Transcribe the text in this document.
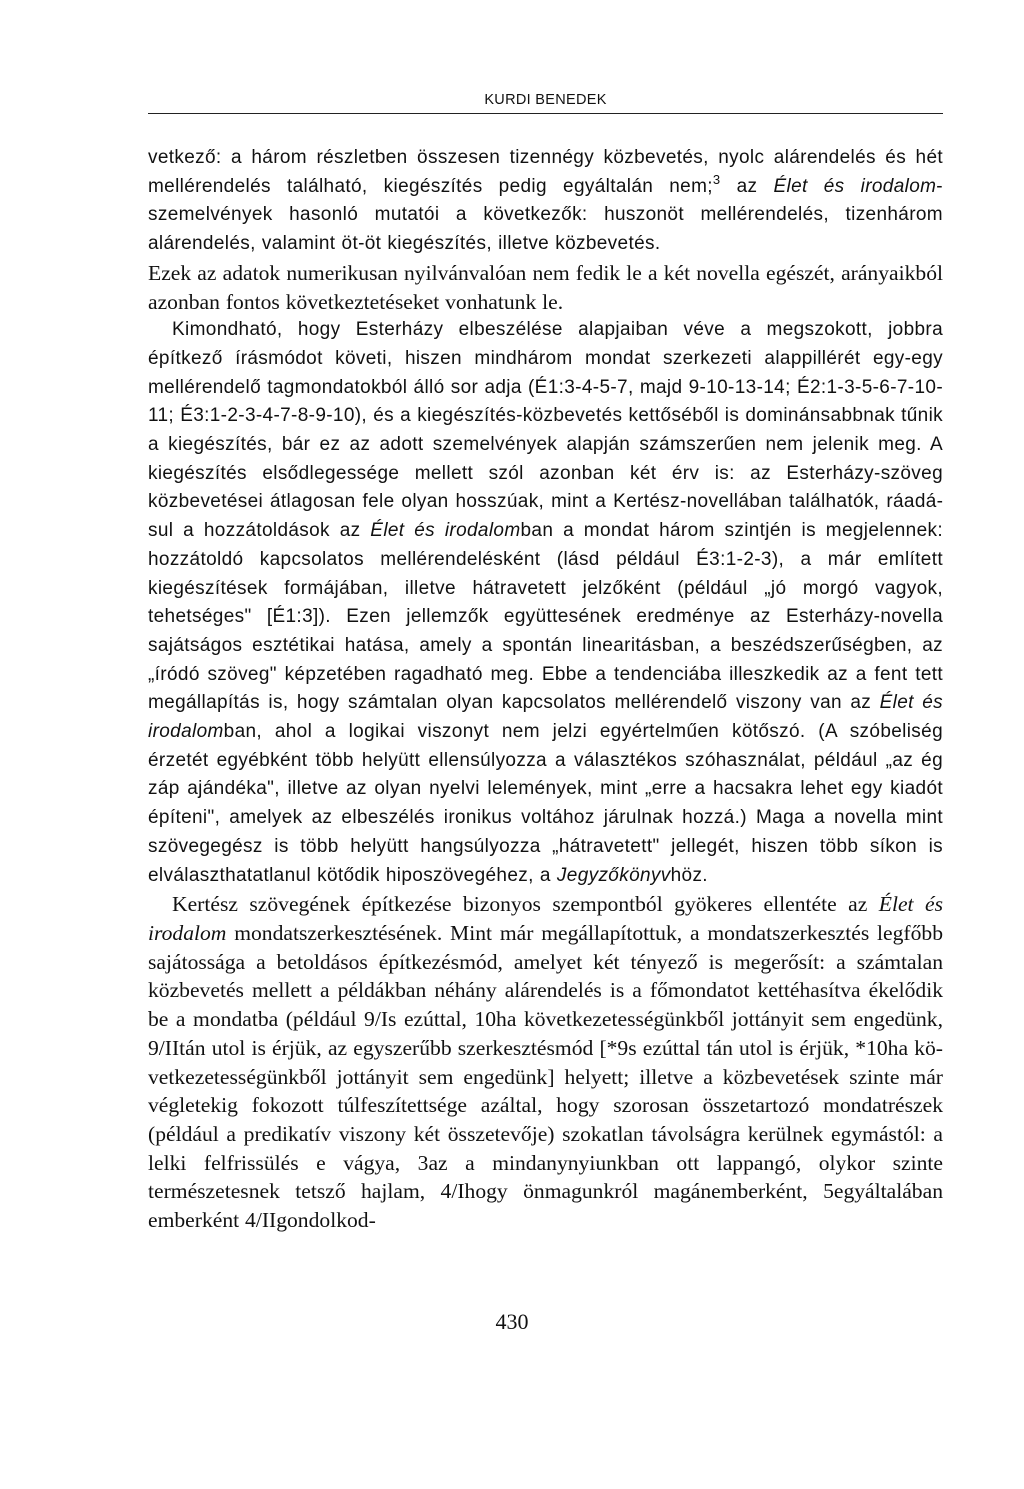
KURDI BENEDEK

vetkező: a három részletben összesen tizennégy közbevetés, nyolc alárendelés és hét mellérendelés található, kiegészítés pedig egyáltalán nem;$^3$ az Élet és irodalom-szemelvények hasonló mutatói a következők: huszonöt mellérendelés, tizenhárom alárendelés, valamint öt-öt kiegészítés, illetve közbevetés.

Ezek az adatok numerikusan nyilvánvalóan nem fedik le a két novella egészét, arányaikból azonban fontos következtetéseket vonhatunk le.

Kimondható, hogy Esterházy elbeszélése alapjaiban véve a megszokott, jobbra építkező írásmódot követi, hiszen mindhárom mondat szerkezeti alappillérét egy-egy mellérendelő tagmondatokból álló sor adja (É1:3-4-5-7, majd 9-10-13-14; É2:1-3-5-6-7-10-11; É3:1-2-3-4-7-8-9-10), és a kiegészítés-közbevetés kettőséből is dominánsabbnak tűnik a kiegészítés, bár ez az adott szemelvények alapján számszerűen nem jelenik meg. A kiegészítés elsődlegessége mellett szól azonban két érv is: az Esterházy-szöveg közbevetései átlagosan fele olyan hosszúak, mint a Kertész-novellában találhatók, ráadásul a hozzátoldások az Élet és irodalomban a mondat három szintjén is megjelennek: hozzátoldó kapcsolatos mellérendelésként (lásd például É3:1-2-3), a már említett kiegészítések formájában, illetve hátravetett jelzőként (például „jó morgó vagyok, tehetséges" [É1:3]). Ezen jellemzők együttesének eredménye az Esterházy-novella sajátságos esztétikai hatása, amely a spontán linearitásban, a beszédszerűségben, az „íródó szöveg" képzetében ragadható meg. Ebbe a tendenciába illeszkedik az a fent tett megállapítás is, hogy számtalan olyan kapcsolatos mellérendelő viszony van az Élet és irodalomban, ahol a logikai viszonyt nem jelzi egyértelműen kötőszó. (A szóbeliség érzetét egyébként több helyütt ellensúlyozza a választékos szóhasználat, például „az ég záp ajándéka", illetve az olyan nyelvi lelemények, mint „erre a hacsakra lehet egy kiadót építeni", amelyek az elbeszélés ironikus voltához járulnak hozzá.) Maga a novella mint szövegegész is több helyütt hangsúlyozza „hátravetett" jellegét, hiszen több síkon is elválaszthatatlanul kötődik hiposzövegéhez, a Jegyzőkönyvhöz.

Kertész szövegének építkezése bizonyos szempontból gyökeres ellentéte az Élet és irodalom mondatszerkesztésének. Mint már megállapítottuk, a mondatszerkesztés legfőbb sajátossága a betoldásos építkezésmód, amelyet két tényező is megerősít: a számtalan közbevetés mellett a példákban néhány alárendelés is a főmondatot kettéhasítva ékelődik be a mondatba (például 9/Is ezúttal, 10ha következetességünkből jottányit sem engedünk, 9/IItán utol is érjük, az egyszerűbb szerkesztésmód [*9s ezúttal tán utol is érjük, *10ha következetességünkből jottányit sem engedünk] helyett; illetve a közbevetések szinte már végletekig fokozott túlfeszítettsége azáltal, hogy szorosan összetartozó mondatrészek (például a predikatív viszony két összetevője) szokatlan távolságra kerülnek egymástól: a lelki felfrissülés e vágya, 3az a mindanynyiunkban ott lappangó, olykor szinte természetesnek tetsző hajlam, 4/Ihogy önmagunkról magánemberként, 5egyáltalában emberként 4/IIgondolkod-

430
